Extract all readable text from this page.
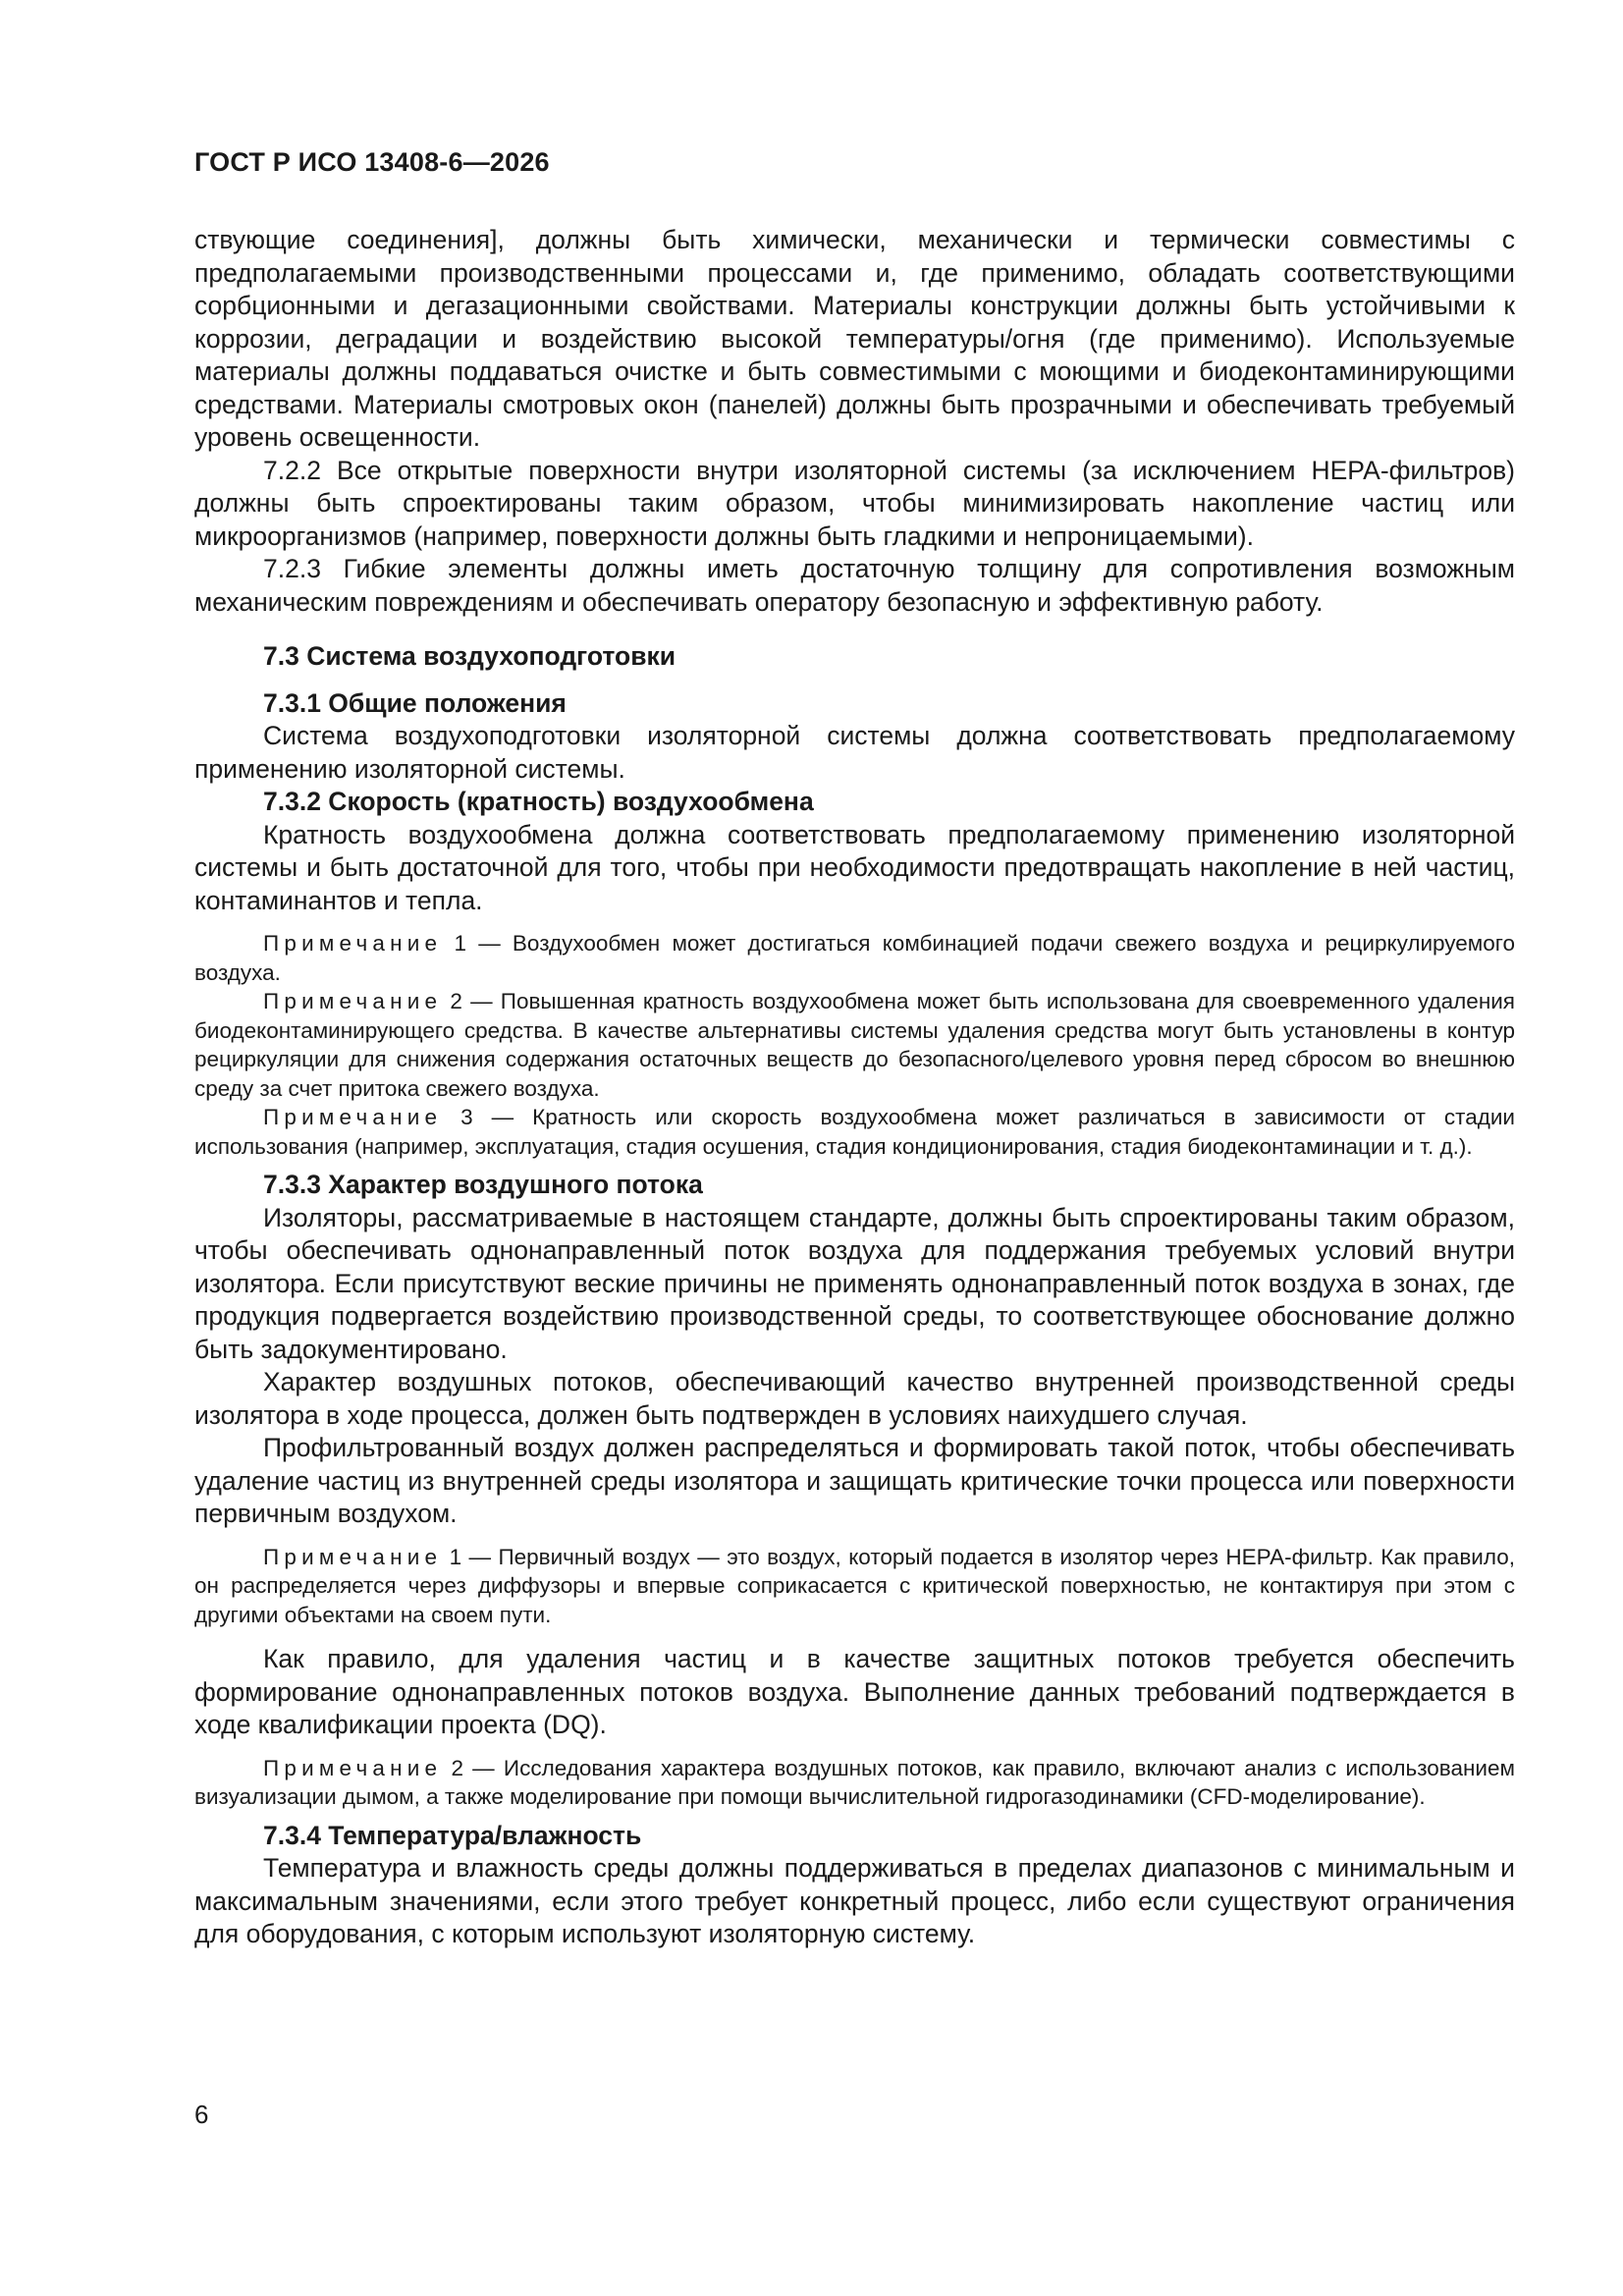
ГОСТ Р ИСО 13408-6—2026

ствующие соединения], должны быть химически, механически и термически совместимы с предполагаемыми производственными процессами и, где применимо, обладать соответствующими сорбционными и дегазационными свойствами. Материалы конструкции должны быть устойчивыми к коррозии, деградации и воздействию высокой температуры/огня (где применимо). Используемые материалы должны поддаваться очистке и быть совместимыми с моющими и биодеконтаминирующими средствами. Материалы смотровых окон (панелей) должны быть прозрачными и обеспечивать требуемый уровень освещенности.

7.2.2 Все открытые поверхности внутри изоляторной системы (за исключением НЕРА-фильтров) должны быть спроектированы таким образом, чтобы минимизировать накопление частиц или микроорганизмов (например, поверхности должны быть гладкими и непроницаемыми).

7.2.3 Гибкие элементы должны иметь достаточную толщину для сопротивления возможным механическим повреждениям и обеспечивать оператору безопасную и эффективную работу.

7.3 Система воздухоподготовки

7.3.1 Общие положения

Система воздухоподготовки изоляторной системы должна соответствовать предполагаемому применению изоляторной системы.

7.3.2 Скорость (кратность) воздухообмена

Кратность воздухообмена должна соответствовать предполагаемому применению изоляторной системы и быть достаточной для того, чтобы при необходимости предотвращать накопление в ней частиц, контаминантов и тепла.

Примечание 1 — Воздухообмен может достигаться комбинацией подачи свежего воздуха и рециркулируемого воздуха.

Примечание 2 — Повышенная кратность воздухообмена может быть использована для своевременного удаления биодеконтаминирующего средства. В качестве альтернативы системы удаления средства могут быть установлены в контур рециркуляции для снижения содержания остаточных веществ до безопасного/целевого уровня перед сбросом во внешнюю среду за счет притока свежего воздуха.

Примечание 3 — Кратность или скорость воздухообмена может различаться в зависимости от стадии использования (например, эксплуатация, стадия осушения, стадия кондиционирования, стадия биодеконтаминации и т. д.).

7.3.3 Характер воздушного потока

Изоляторы, рассматриваемые в настоящем стандарте, должны быть спроектированы таким образом, чтобы обеспечивать однонаправленный поток воздуха для поддержания требуемых условий внутри изолятора. Если присутствуют веские причины не применять однонаправленный поток воздуха в зонах, где продукция подвергается воздействию производственной среды, то соответствующее обоснование должно быть задокументировано.

Характер воздушных потоков, обеспечивающий качество внутренней производственной среды изолятора в ходе процесса, должен быть подтвержден в условиях наихудшего случая.

Профильтрованный воздух должен распределяться и формировать такой поток, чтобы обеспечивать удаление частиц из внутренней среды изолятора и защищать критические точки процесса или поверхности первичным воздухом.

Примечание 1 — Первичный воздух — это воздух, который подается в изолятор через НЕРА-фильтр. Как правило, он распределяется через диффузоры и впервые соприкасается с критической поверхностью, не контактируя при этом с другими объектами на своем пути.

Как правило, для удаления частиц и в качестве защитных потоков требуется обеспечить формирование однонаправленных потоков воздуха. Выполнение данных требований подтверждается в ходе квалификации проекта (DQ).

Примечание 2 — Исследования характера воздушных потоков, как правило, включают анализ с использованием визуализации дымом, а также моделирование при помощи вычислительной гидрогазодинамики (CFD-моделирование).

7.3.4 Температура/влажность

Температура и влажность среды должны поддерживаться в пределах диапазонов с минимальным и максимальным значениями, если этого требует конкретный процесс, либо если существуют ограничения для оборудования, с которым используют изоляторную систему.

6
